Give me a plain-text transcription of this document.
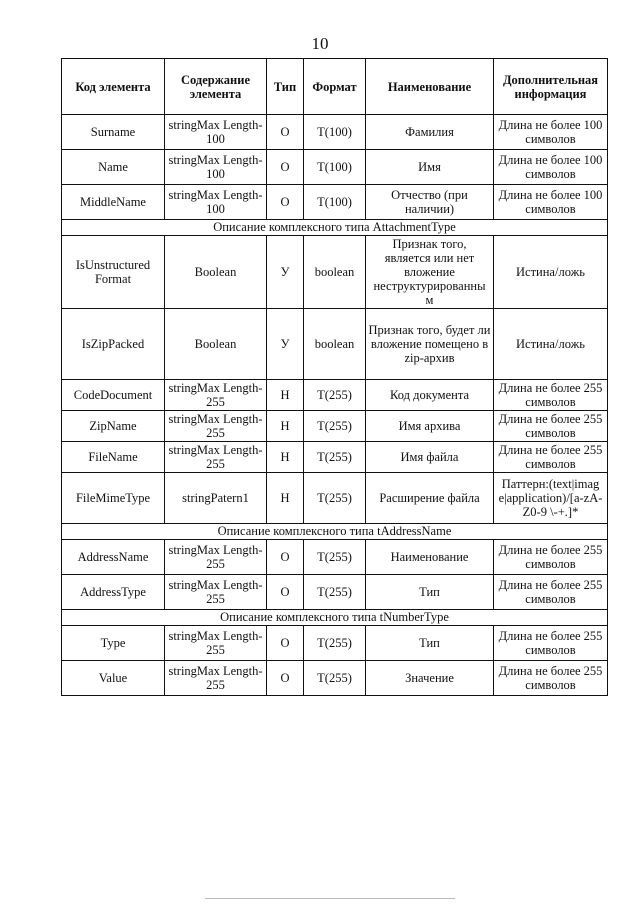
10
Код элемента	Содержание элемента	Тип	Формат	Наименование	Дополнительная информация
Surname	stringMax Length-100	О	T(100)	Фамилия	Длина не более 100 символов
Name	stringMax Length-100	О	T(100)	Имя	Длина не более 100 символов
MiddleName	stringMax Length-100	О	T(100)	Отчество (при наличии)	Длина не более 100 символов
Описание комплексного типа AttachmentType					
IsUnstructured Format	Boolean	У	boolean	Признак того, является или нет вложение неструктурированны м	Истина/ложь
IsZipPacked	Boolean	У	boolean	Признак того, будет ли вложение помещено в zip-архив	Истина/ложь
CodeDocument	stringMax Length-255	Н	T(255)	Код документа	Длина не более 255 символов
ZipName	stringMax Length-255	Н	T(255)	Имя архива	Длина не более 255 символов
FileName	stringMax Length-255	Н	T(255)	Имя файла	Длина не более 255 символов
FileMimeType	stringPatern1	Н	T(255)	Расширение файла	Паттерн:(text|imag e|application)/[a-zA-Z0-9 \-+.]*
Описание комплексного типа tAddressName					
AddressName	stringMax Length-255	О	T(255)	Наименование	Длина не более 255 символов
AddressType	stringMax Length-255	О	T(255)	Тип	Длина не более 255 символов
Описание комплексного типа tNumberType					
Type	stringMax Length-255	О	T(255)	Тип	Длина не более 255 символов
Value	stringMax Length-255	О	T(255)	Значение	Длина не более 255 символов
